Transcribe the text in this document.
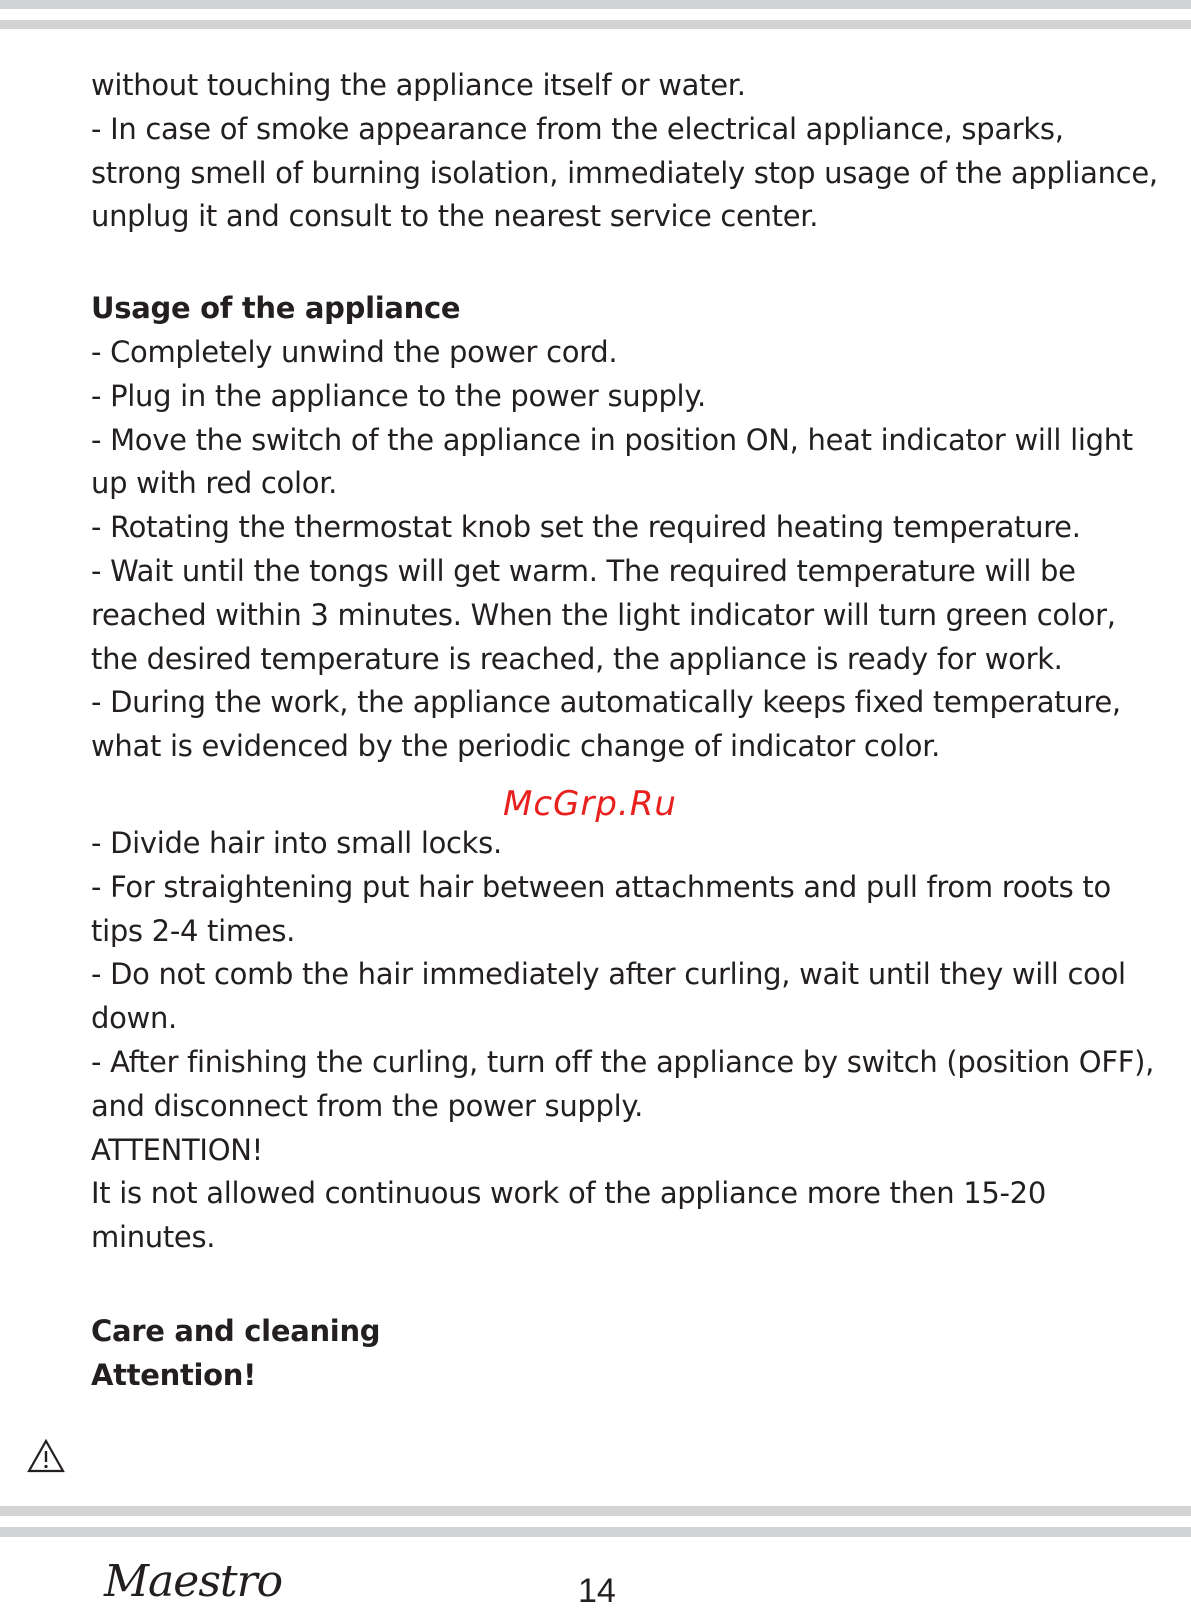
without touching the appliance itself or water.

- In case of smoke appearance from the electrical appliance, sparks, strong smell of burning isolation, immediately stop usage of the appliance, unplug it and consult to the nearest service center.

Usage of the appliance

- Completely unwind the power cord.

- Plug in the appliance to the power supply.

- Move the switch of the appliance in position ON, heat indicator will light up with red color.

- Rotating the thermostat knob set the required heating temperature.

- Wait until the tongs will get warm. The required temperature will be reached within 3 minutes. When the light indicator will turn green color, the desired temperature is reached, the appliance is ready for work.

- During the work, the appliance automatically keeps fixed temperature, what is evidenced by the periodic change of indicator color.

- Divide hair into small locks.

- For straightening put hair between attachments and pull from roots to tips 2-4 times.

- Do not comb the hair immediately after curling, wait until they will cool down.

- After finishing the curling, turn off the appliance by switch (position OFF), and disconnect from the power supply.

ATTENTION!

It is not allowed continuous work of the appliance more then 15-20 minutes.

Care and cleaning

Attention!

McGrp.Ru
Maestro	14
